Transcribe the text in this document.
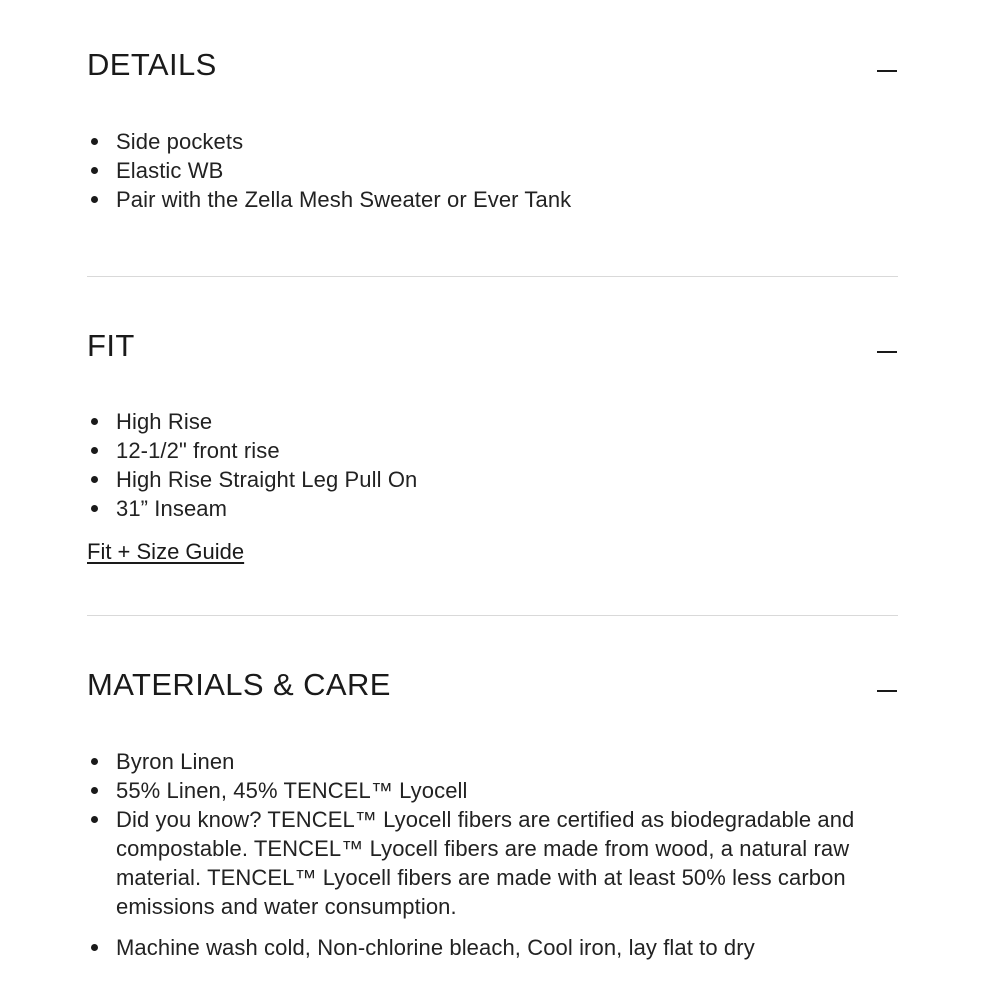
DETAILS
Side pockets
Elastic WB
Pair with the Zella Mesh Sweater or Ever Tank
FIT
High Rise
12-1/2" front rise
High Rise Straight Leg Pull On
31” Inseam
Fit + Size Guide
MATERIALS & CARE
Byron Linen
55% Linen, 45% TENCEL™ Lyocell
Did you know? TENCEL™ Lyocell fibers are certified as biodegradable and compostable. TENCEL™ Lyocell fibers are made from wood, a natural raw material. TENCEL™ Lyocell fibers are made with at least 50% less carbon emissions and water consumption.
Machine wash cold, Non-chlorine bleach, Cool iron, lay flat to dry
